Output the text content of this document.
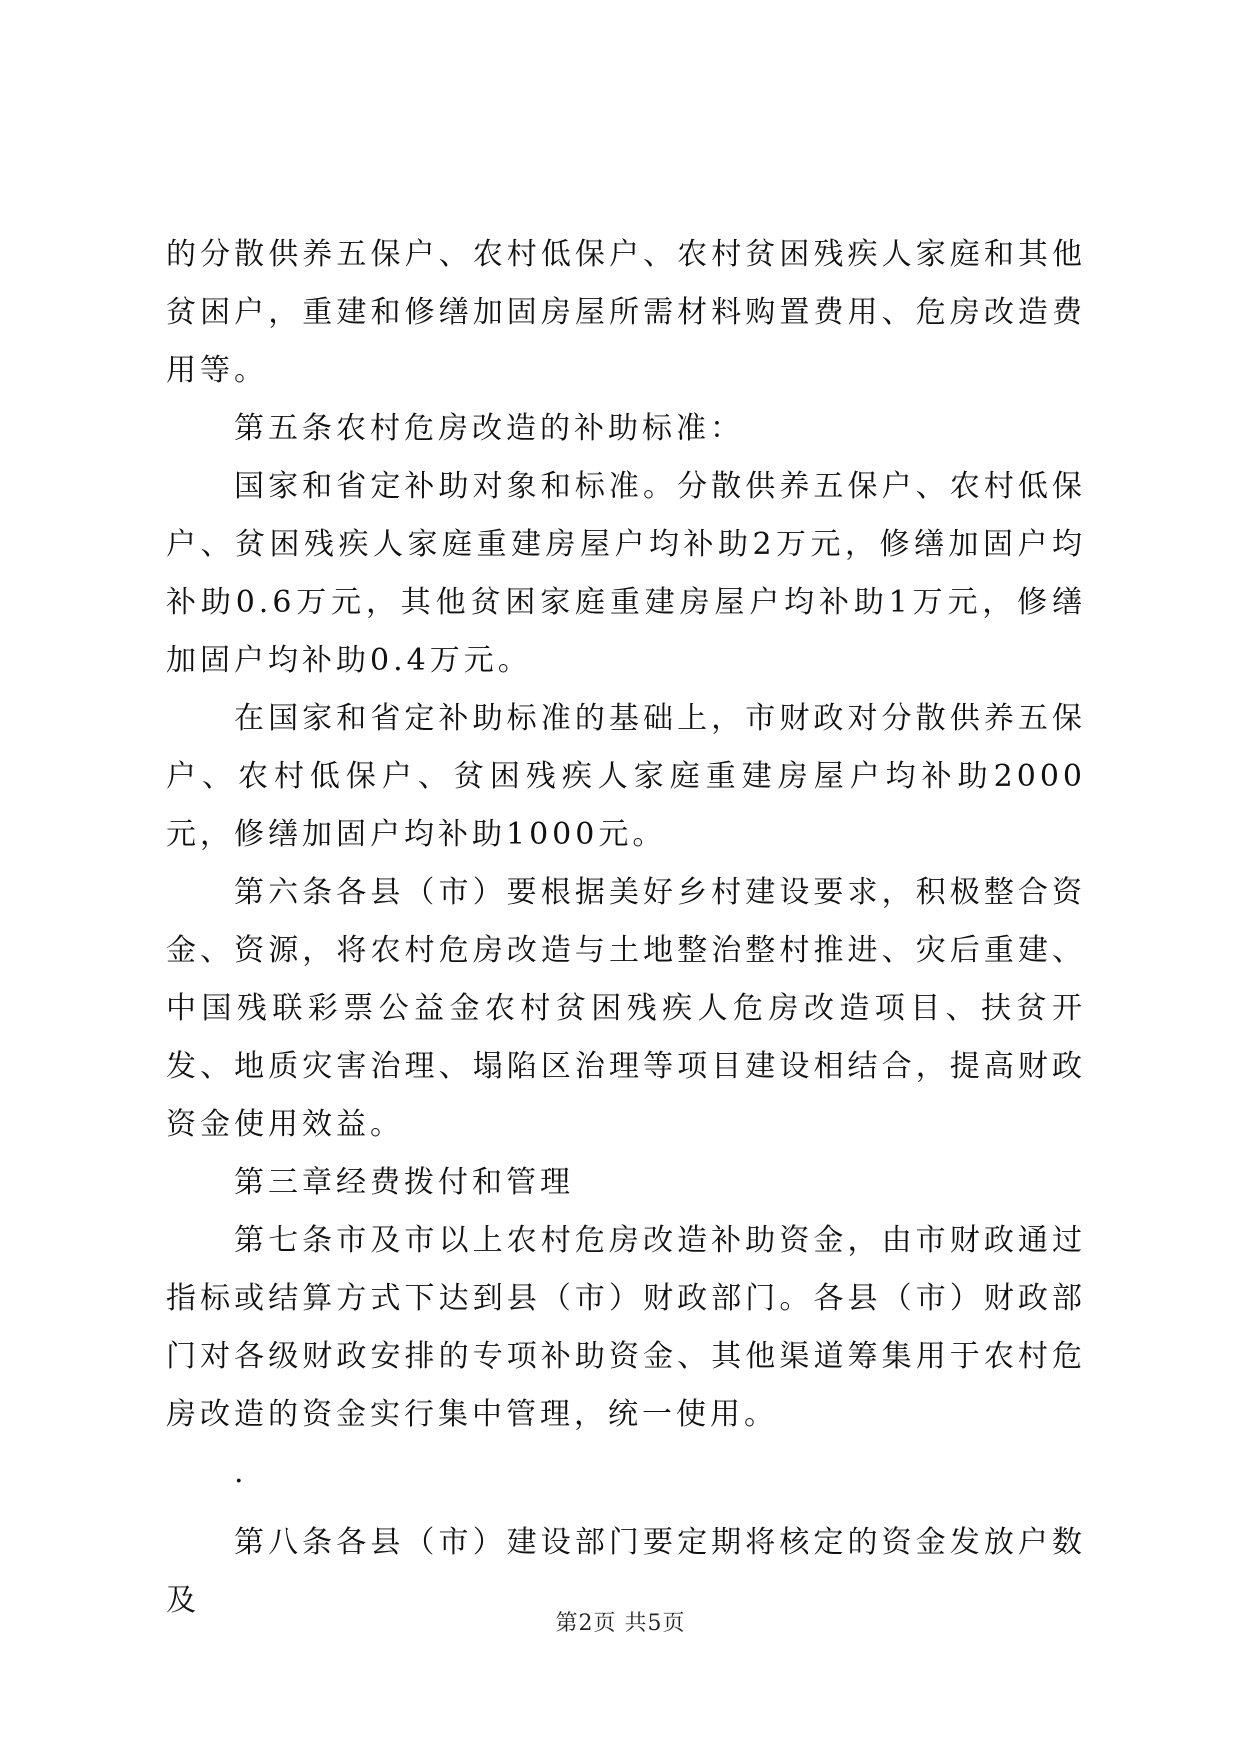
的分散供养五保户、农村低保户、农村贫困残疾人家庭和其他贫困户，重建和修缮加固房屋所需材料购置费用、危房改造费用等。

第五条农村危房改造的补助标准：

国家和省定补助对象和标准。分散供养五保户、农村低保户、贫困残疾人家庭重建房屋户均补助2万元，修缮加固户均补助0.6万元，其他贫困家庭重建房屋户均补助1万元，修缮加固户均补助0.4万元。

在国家和省定补助标准的基础上，市财政对分散供养五保户、农村低保户、贫困残疾人家庭重建房屋户均补助2000元，修缮加固户均补助1000元。

第六条各县（市）要根据美好乡村建设要求，积极整合资金、资源，将农村危房改造与土地整治整村推进、灾后重建、中国残联彩票公益金农村贫困残疾人危房改造项目、扶贫开发、地质灾害治理、塌陷区治理等项目建设相结合，提高财政资金使用效益。

第三章经费拨付和管理

第七条市及市以上农村危房改造补助资金，由市财政通过指标或结算方式下达到县（市）财政部门。各县（市）财政部门对各级财政安排的专项补助资金、其他渠道筹集用于农村危房改造的资金实行集中管理，统一使用。

.

第八条各县（市）建设部门要定期将核定的资金发放户数及

第2页 共5页
